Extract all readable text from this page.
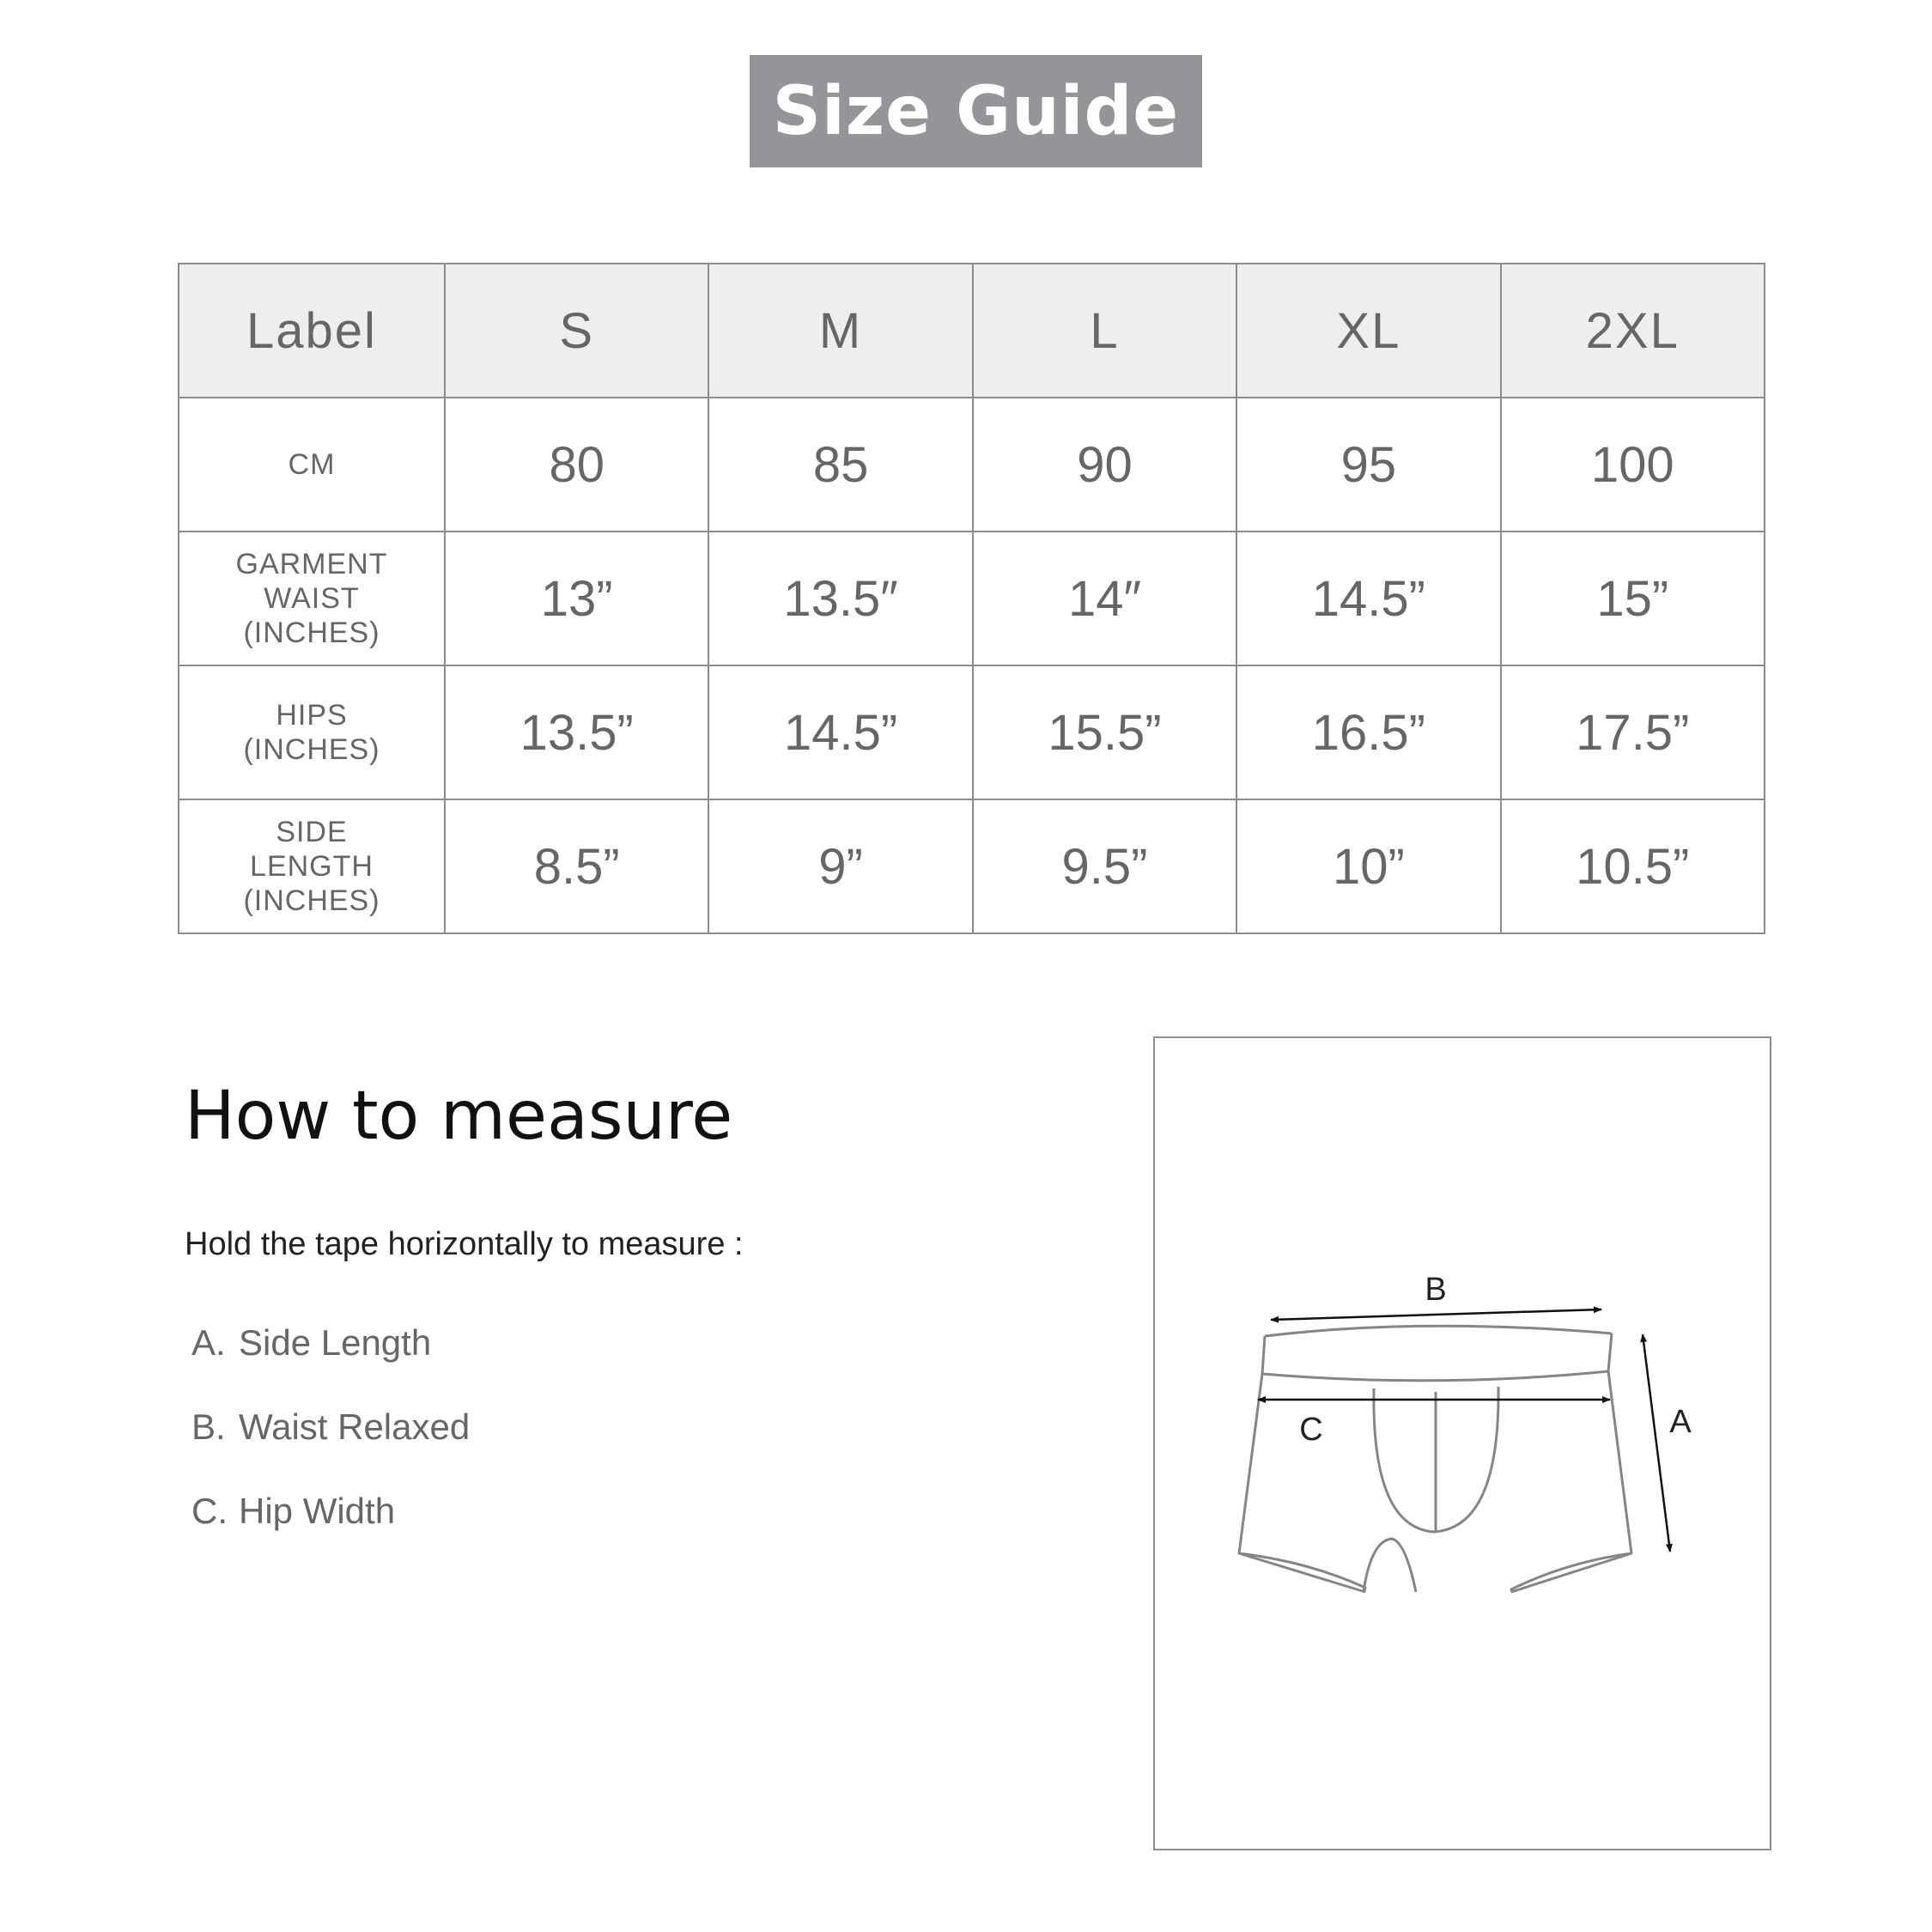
Size Guide
Label	S	M	L	XL	2XL

CM	80	85	90	95	100

GARMENT
WAIST
(INCHES)	13”	13.5″	14″	14.5”	15”

HIPS
(INCHES)	13.5”	14.5”	15.5”	16.5”	17.5”

SIDE
LENGTH
(INCHES)	8.5”	9”	9.5”	10”	10.5”
How to measure
Hold the tape horizontally to measure :
A. Side Length
B. Waist Relaxed
C. Hip Width
B
C	A
